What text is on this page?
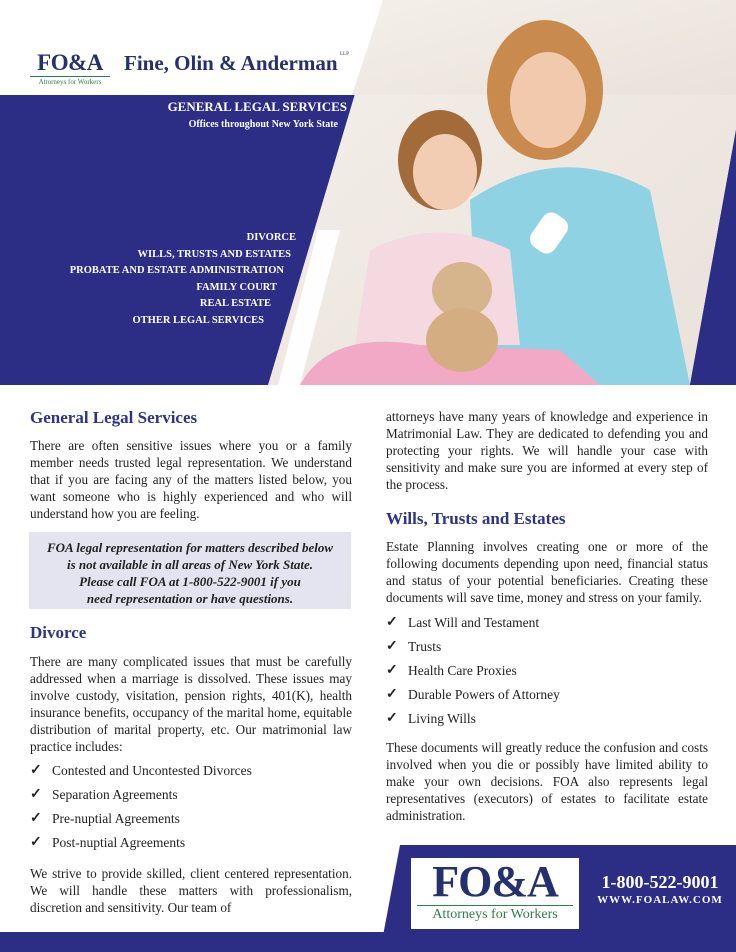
FO&A
Attorneys for Workers
Fine, Olin & Anderman LLP
GENERAL LEGAL SERVICES
Offices throughout New York State
DIVORCE
WILLS, TRUSTS AND ESTATES
PROBATE AND ESTATE ADMINISTRATION
FAMILY COURT
REAL ESTATE
OTHER LEGAL SERVICES
General Legal Services

There are often sensitive issues where you or a family member needs trusted legal representation. We understand that if you are facing any of the matters listed below, you want someone who is highly experienced and who will understand how you are feeling.

FOA legal representation for matters described below
is not available in all areas of New York State.
Please call FOA at 1-800-522-9001 if you
need representation or have questions.
Divorce

There are many complicated issues that must be carefully addressed when a marriage is dissolved. These issues may involve custody, visitation, pension rights, 401(K), health insurance benefits, occupancy of the marital home, equitable distribution of marital property, etc. Our matrimonial law practice includes:

✓ Contested and Uncontested Divorces
✓ Separation Agreements
✓ Pre-nuptial Agreements
✓ Post-nuptial Agreements

We strive to provide skilled, client centered representation. We will handle these matters with professionalism, discretion and sensitivity. Our team of

attorneys have many years of knowledge and experience in Matrimonial Law. They are dedicated to defending you and protecting your rights. We will handle your case with sensitivity and make sure you are informed at every step of the process.

Wills, Trusts and Estates

Estate Planning involves creating one or more of the following documents depending upon need, financial status and status of your potential beneficiaries. Creating these documents will save time, money and stress on your family.

✓ Last Will and Testament
✓ Trusts
✓ Health Care Proxies
✓ Durable Powers of Attorney
✓ Living Wills

These documents will greatly reduce the confusion and costs involved when you die or possibly have limited ability to make your own decisions. FOA also represents legal representatives (executors) of estates to facilitate estate administration.

FO&A
Attorneys for Workers
1-800-522-9001
WWW.FOALAW.COM
